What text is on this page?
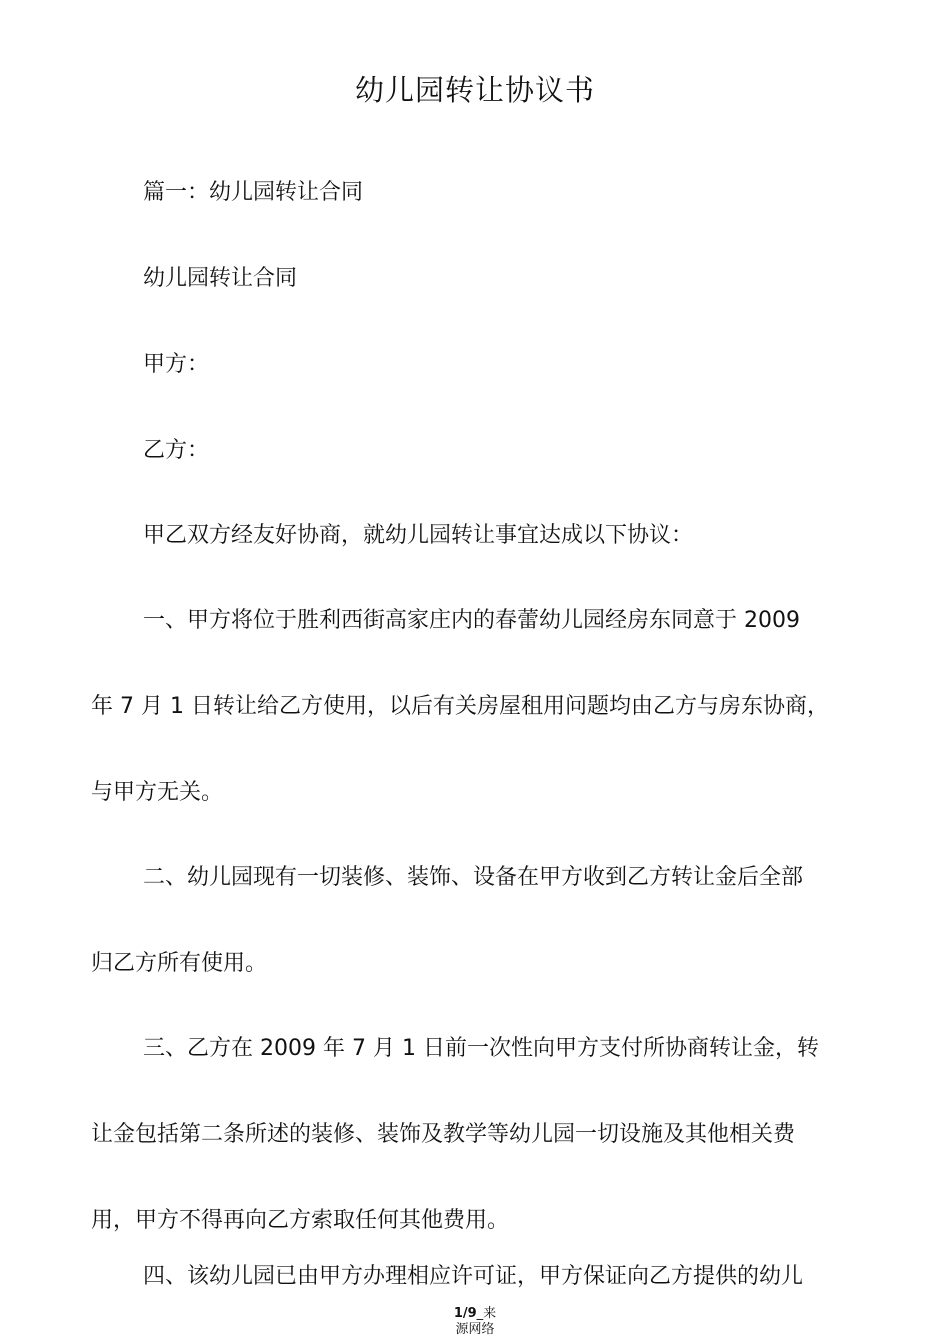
幼儿园转让协议书
篇一：幼儿园转让合同
幼儿园转让合同
甲方：
乙方：
甲乙双方经友好协商，就幼儿园转让事宜达成以下协议：
一、甲方将位于胜利西街高家庄内的春蕾幼儿园经房东同意于 2009
年 7 月 1 日转让给乙方使用，以后有关房屋租用问题均由乙方与房东协商，
与甲方无关。
二、幼儿园现有一切装修、装饰、设备在甲方收到乙方转让金后全部
归乙方所有使用。
三、乙方在 2009 年 7 月 1 日前一次性向甲方支付所协商转让金，转
让金包括第二条所述的装修、装饰及教学等幼儿园一切设施及其他相关费
用，甲方不得再向乙方索取任何其他费用。
四、该幼儿园已由甲方办理相应许可证，甲方保证向乙方提供的幼儿
1/9_来
源网络
